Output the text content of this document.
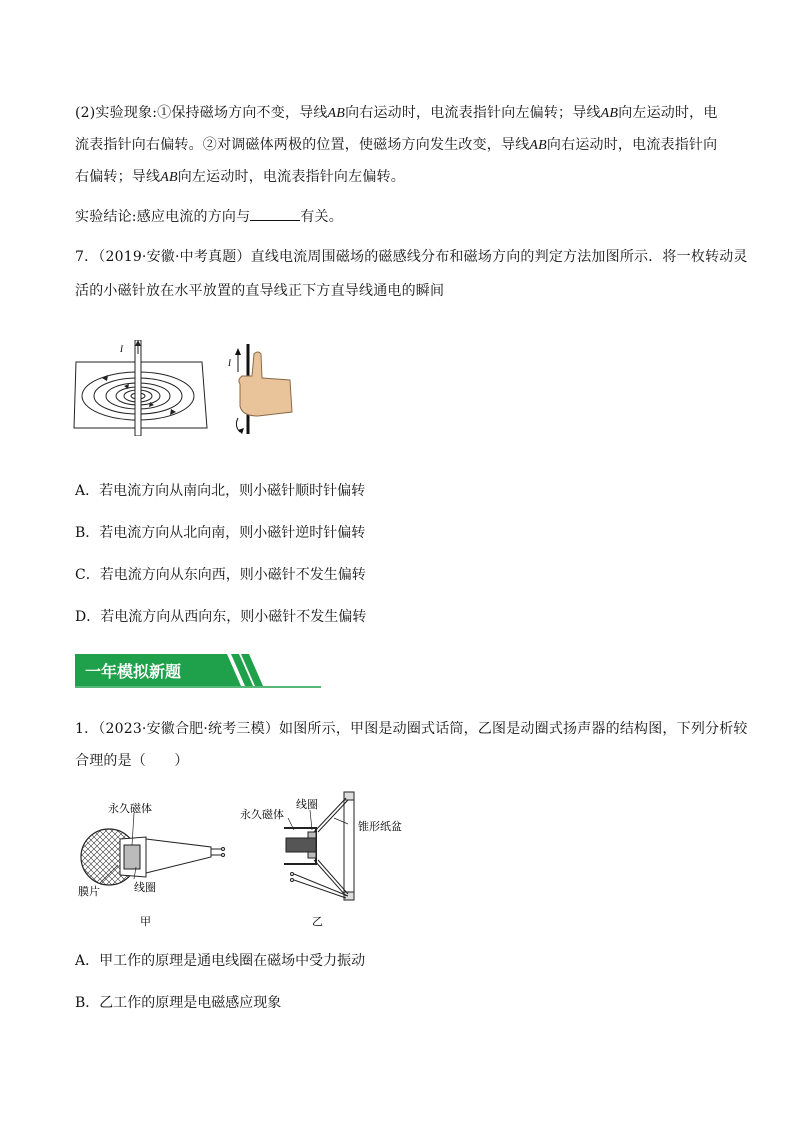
(2)实验现象:①保持磁场方向不变，导线AB向右运动时，电流表指针向左偏转；导线AB向左运动时，电
流表指针向右偏转。②对调磁体两极的位置，使磁场方向发生改变，导线AB向右运动时，电流表指针向
右偏转；导线AB向左运动时，电流表指针向左偏转。
实验结论:感应电流的方向与	有关。
7．（2019·安徽·中考真题）直线电流周围磁场的磁感线分布和磁场方向的判定方法加图所示．将一枚转动灵
活的小磁针放在水平放置的直导线正下方直导线通电的瞬间
I
I
A．若电流方向从南向北，则小磁针顺时针偏转
B．若电流方向从北向南，则小磁针逆时针偏转
C．若电流方向从东向西，则小磁针不发生偏转
D．若电流方向从西向东，则小磁针不发生偏转
一年模拟新题
1．（2023·安徽合肥·统考三模）如图所示，甲图是动圈式话筒，乙图是动圈式扬声器的结构图，下列分析较
合理的是（　　）
永久磁体
膜片	线圈
甲
永久磁体
线圈
锥形纸盆
乙
A．甲工作的原理是通电线圈在磁场中受力振动
B．乙工作的原理是电磁感应现象
